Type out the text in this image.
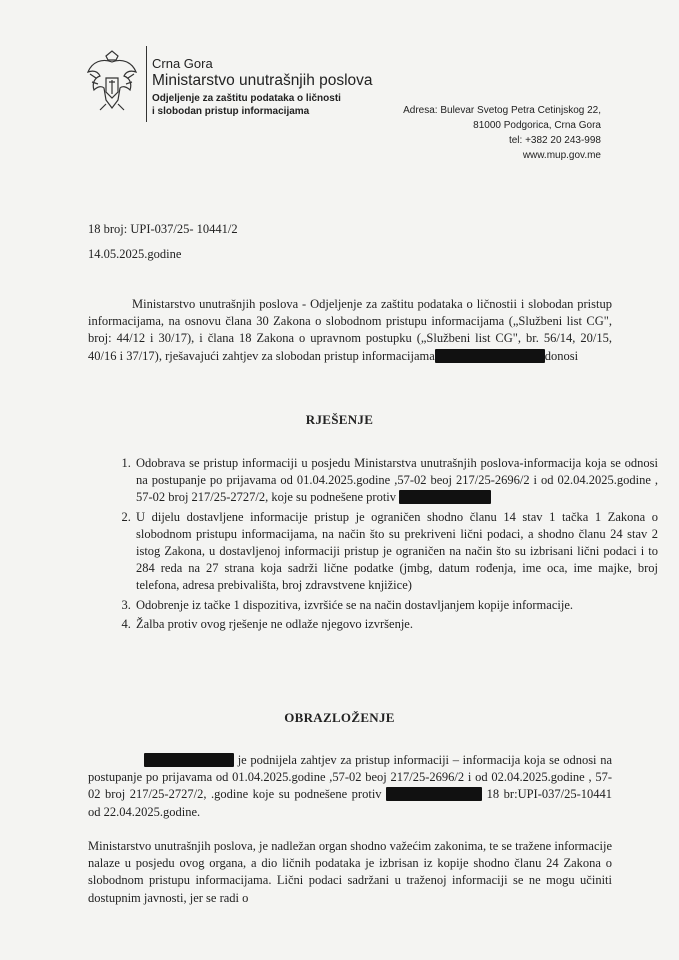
Crna Gora
Ministarstvo unutrašnjih poslova
Odjeljenje za zaštitu podataka o ličnosti
i slobodan pristup informacijama	Adresa: Bulevar Svetog Petra Cetinjskog 22,
81000 Podgorica, Crna Gora
tel: +382 20 243-998
www.mup.gov.me
18 broj: UPI-037/25- 10441/2
14.05.2025.godine
Ministarstvo unutrašnjih poslova - Odjeljenje za zaštitu podataka o ličnostii i slobodan pristup informacijama, na osnovu člana 30 Zakona o slobodnom pristupu informacijama („Službeni list CG", broj: 44/12 i 30/17), i člana 18 Zakona o upravnom postupku („Službeni list CG", br. 56/14, 20/15, 40/16 i 37/17), rješavajući zahtjev za slobodan pristup informacijama	donosi
RJEŠENJE
1. Odobrava se pristup informaciji u posjedu Ministarstva unutrašnjih poslova-informacija koja se odnosi na postupanje po prijavama od 01.04.2025.godine ,57-02 beoj 217/25-2696/2 i od 02.04.2025.godine , 57-02 broj 217/25-2727/2, koje su podnešene protiv
2. U dijelu dostavljene informacije pristup je ograničen shodno članu 14 stav 1 tačka 1 Zakona o slobodnom pristupu informacijama, na način što su prekriveni lični podaci, a shodno članu 24 stav 2 istog Zakona, u dostavljenoj informaciji pristup je ograničen na način što su izbrisani lični podaci i to 284 reda na 27 strana koja sadrži lične podatke (jmbg, datum rođenja, ime oca, ime majke, broj telefona, adresa prebivališta, broj zdravstvene knjižice)
3. Odobrenje iz tačke 1 dispozitiva, izvršiće se na način dostavljanjem kopije informacije.
4. Žalba protiv ovog rješenje ne odlaže njegovo izvršenje.
OBRAZLOŽENJE
je podnijela zahtjev za pristup informaciji – informacija koja se odnosi na postupanje po prijavama od 01.04.2025.godine ,57-02 beoj 217/25-2696/2 i od 02.04.2025.godine , 57-02 broj 217/25-2727/2, .godine koje su podnešene protiv	18 br:UPI-037/25-10441 od 22.04.2025.godine.
Ministarstvo unutrašnjih poslova, je nadležan organ shodno važećim zakonima, te se tražene informacije nalaze u posjedu ovog organa, a dio ličnih podataka je izbrisan iz kopije shodno članu 24 Zakona o slobodnom pristupu informacijama. Lični podaci sadržani u traženoj informaciji se ne mogu učiniti dostupnim javnosti, jer se radi o
